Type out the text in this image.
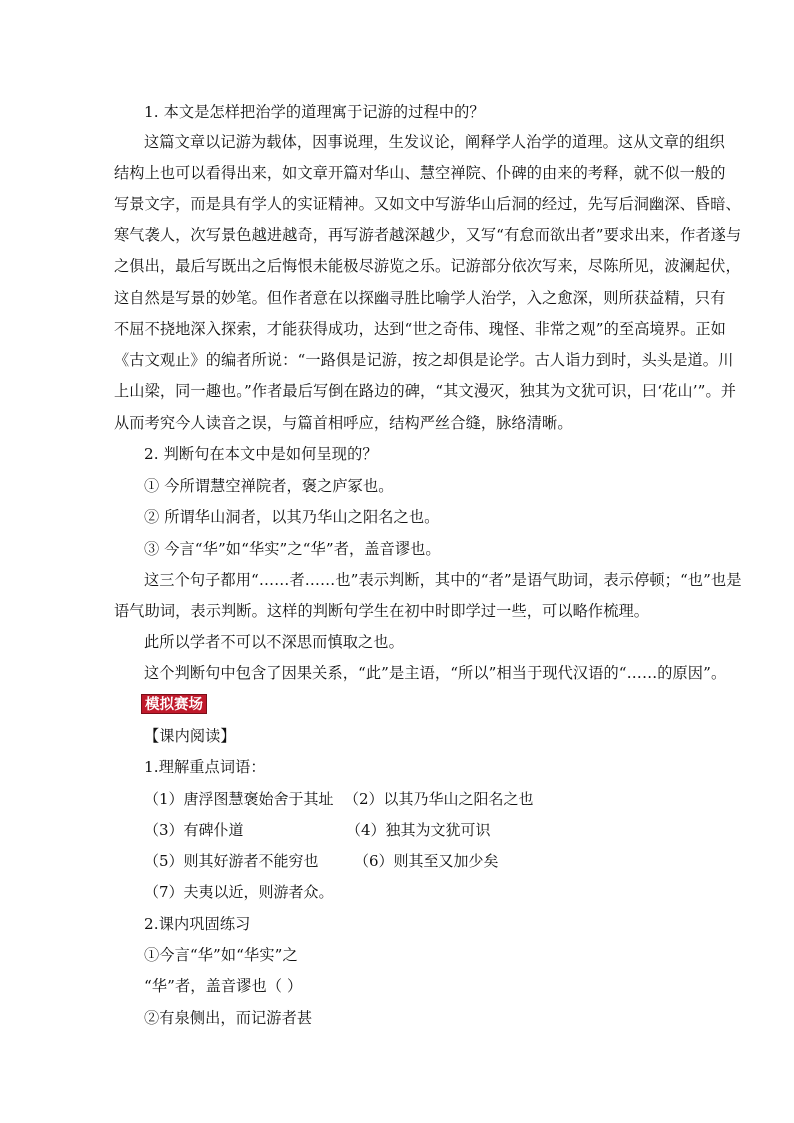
1. 本文是怎样把治学的道理寓于记游的过程中的？
这篇文章以记游为载体，因事说理，生发议论，阐释学人治学的道理。这从文章的组织
结构上也可以看得出来，如文章开篇对华山、慧空禅院、仆碑的由来的考释，就不似一般的
写景文字，而是具有学人的实证精神。又如文中写游华山后洞的经过，先写后洞幽深、昏暗、
寒气袭人，次写景色越进越奇，再写游者越深越少，又写“有怠而欲出者”要求出来，作者遂与
之俱出，最后写既出之后悔恨未能极尽游览之乐。记游部分依次写来，尽陈所见，波澜起伏，
这自然是写景的妙笔。但作者意在以探幽寻胜比喻学人治学，入之愈深，则所获益精，只有
不屈不挠地深入探索，才能获得成功，达到“世之奇伟、瑰怪、非常之观”的至高境界。正如
《古文观止》的编者所说：“一路俱是记游，按之却俱是论学。古人诣力到时，头头是道。川
上山梁，同一趣也。”作者最后写倒在路边的碑，“其文漫灭，独其为文犹可识，曰‘花山’”。并
从而考究今人读音之误，与篇首相呼应，结构严丝合缝，脉络清晰。
2. 判断句在本文中是如何呈现的？
① 今所谓慧空禅院者，褒之庐冢也。
② 所谓华山洞者，以其乃华山之阳名之也。
③ 今言“华”如“华实”之“华”者，盖音谬也。
这三个句子都用“……者……也”表示判断，其中的“者”是语气助词，表示停顿；“也”也是
语气助词，表示判断。这样的判断句学生在初中时即学过一些，可以略作梳理。
此所以学者不可以不深思而慎取之也。
这个判断句中包含了因果关系，“此”是主语，“所以”相当于现代汉语的“……的原因”。
模拟赛场
【课内阅读】
1.理解重点词语：
（1）唐浮图慧褒始舍于其址 （2）以其乃华山之阳名之也
（3）有碑仆道	（4）独其为文犹可识
（5）则其好游者不能穷也 （6）则其至又加少矣
（7）夫夷以近，则游者众。
2.课内巩固练习
①今言“华”如“华实”之
“华”者，盖音谬也（ ）
②有泉侧出，而记游者甚
